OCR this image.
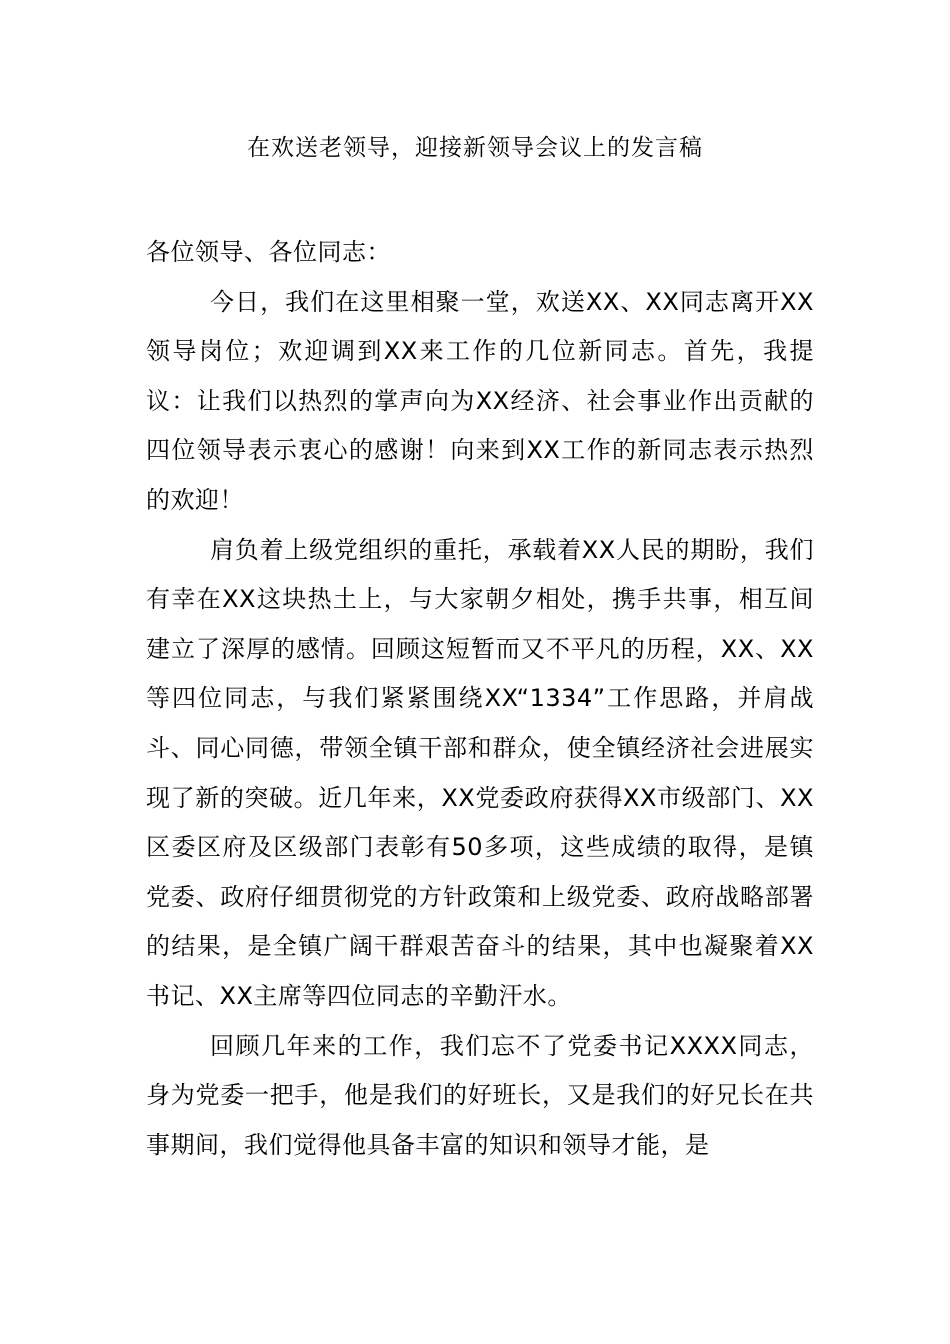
在欢送老领导，迎接新领导会议上的发言稿

各位领导、各位同志：

今日，我们在这里相聚一堂，欢送XX、XX同志离开XX领导岗位；欢迎调到XX来工作的几位新同志。首先，我提议：让我们以热烈的掌声向为XX经济、社会事业作出贡献的四位领导表示衷心的感谢！向来到XX工作的新同志表示热烈的欢迎！

肩负着上级党组织的重托，承载着XX人民的期盼，我们有幸在XX这块热土上，与大家朝夕相处，携手共事，相互间建立了深厚的感情。回顾这短暂而又不平凡的历程，XX、XX等四位同志，与我们紧紧围绕XX“1334”工作思路，并肩战斗、同心同德，带领全镇干部和群众，使全镇经济社会进展实现了新的突破。近几年来，XX党委政府获得XX市级部门、XX区委区府及区级部门表彰有50多项，这些成绩的取得，是镇党委、政府仔细贯彻党的方针政策和上级党委、政府战略部署的结果，是全镇广阔干群艰苦奋斗的结果，其中也凝聚着XX书记、XX主席等四位同志的辛勤汗水。

回顾几年来的工作，我们忘不了党委书记XXXX同志，身为党委一把手，他是我们的好班长，又是我们的好兄长在共事期间，我们觉得他具备丰富的知识和领导才能，是
